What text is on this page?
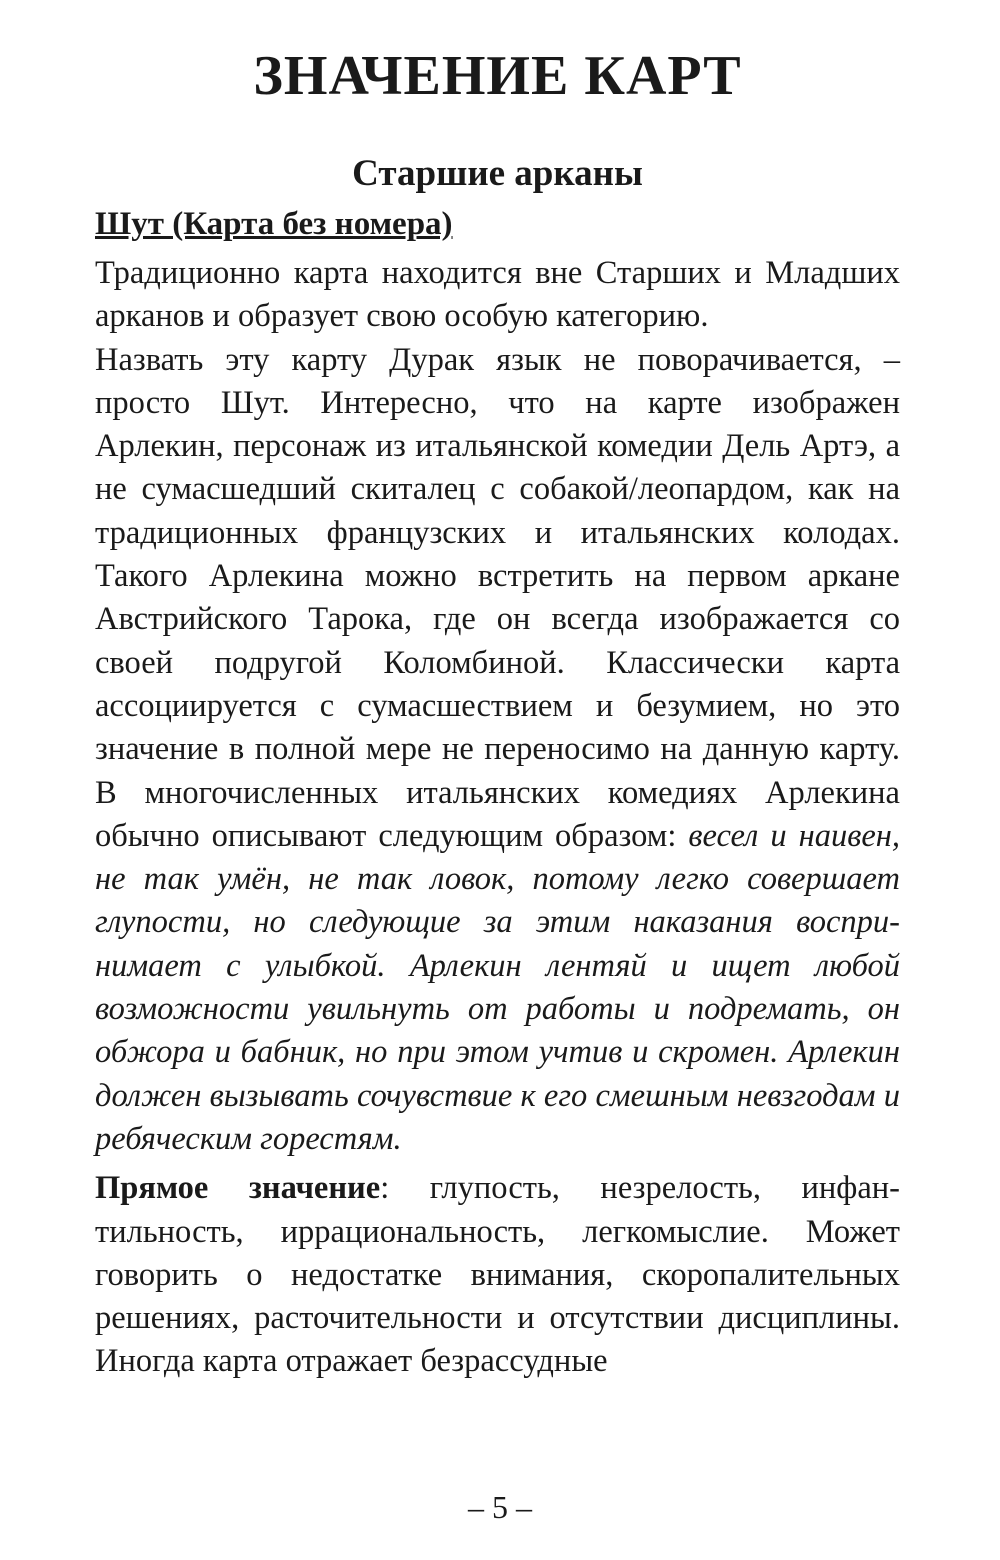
ЗНАЧЕНИЕ КАРТ
Старшие арканы
Шут (Карта без номера)

Традиционно карта находится вне Старших и Младших арканов и образует свою особую категорию.

Назвать эту карту Дурак язык не поворачивается, – просто Шут. Интересно, что на карте изображен Арлекин, персонаж из итальянской комедии Дель Артэ, а не сумасшедший скиталец с собакой/леопардом, как на традиционных французских и итальянских колодах. Такого Арлекина можно встретить на первом аркане Австрийского Тарока, где он всегда изображается со своей подругой Коломбиной. Классически карта ассоциируется с сумасшествием и безумием, но это значение в полной мере не переносимо на данную карту. В многочисленных итальянских комедиях Арлекина обычно описывают следующим образом: весел и наивен, не так умён, не так ловок, потому легко совершает глупости, но следующие за этим наказания воспринимает с улыбкой. Арлекин лентяй и ищет любой возможности увильнуть от работы и подремать, он обжора и бабник, но при этом учтив и скромен. Арлекин должен вызывать сочувствие к его смешным невзгодам и ребяческим горестям.

Прямое значение: глупость, незрелость, инфантильность, иррациональность, легкомыслие. Может говорить о недостатке внимания, скоропалительных решениях, расточительности и отсутствии дисциплины. Иногда карта отражает безрассудные

– 5 –
